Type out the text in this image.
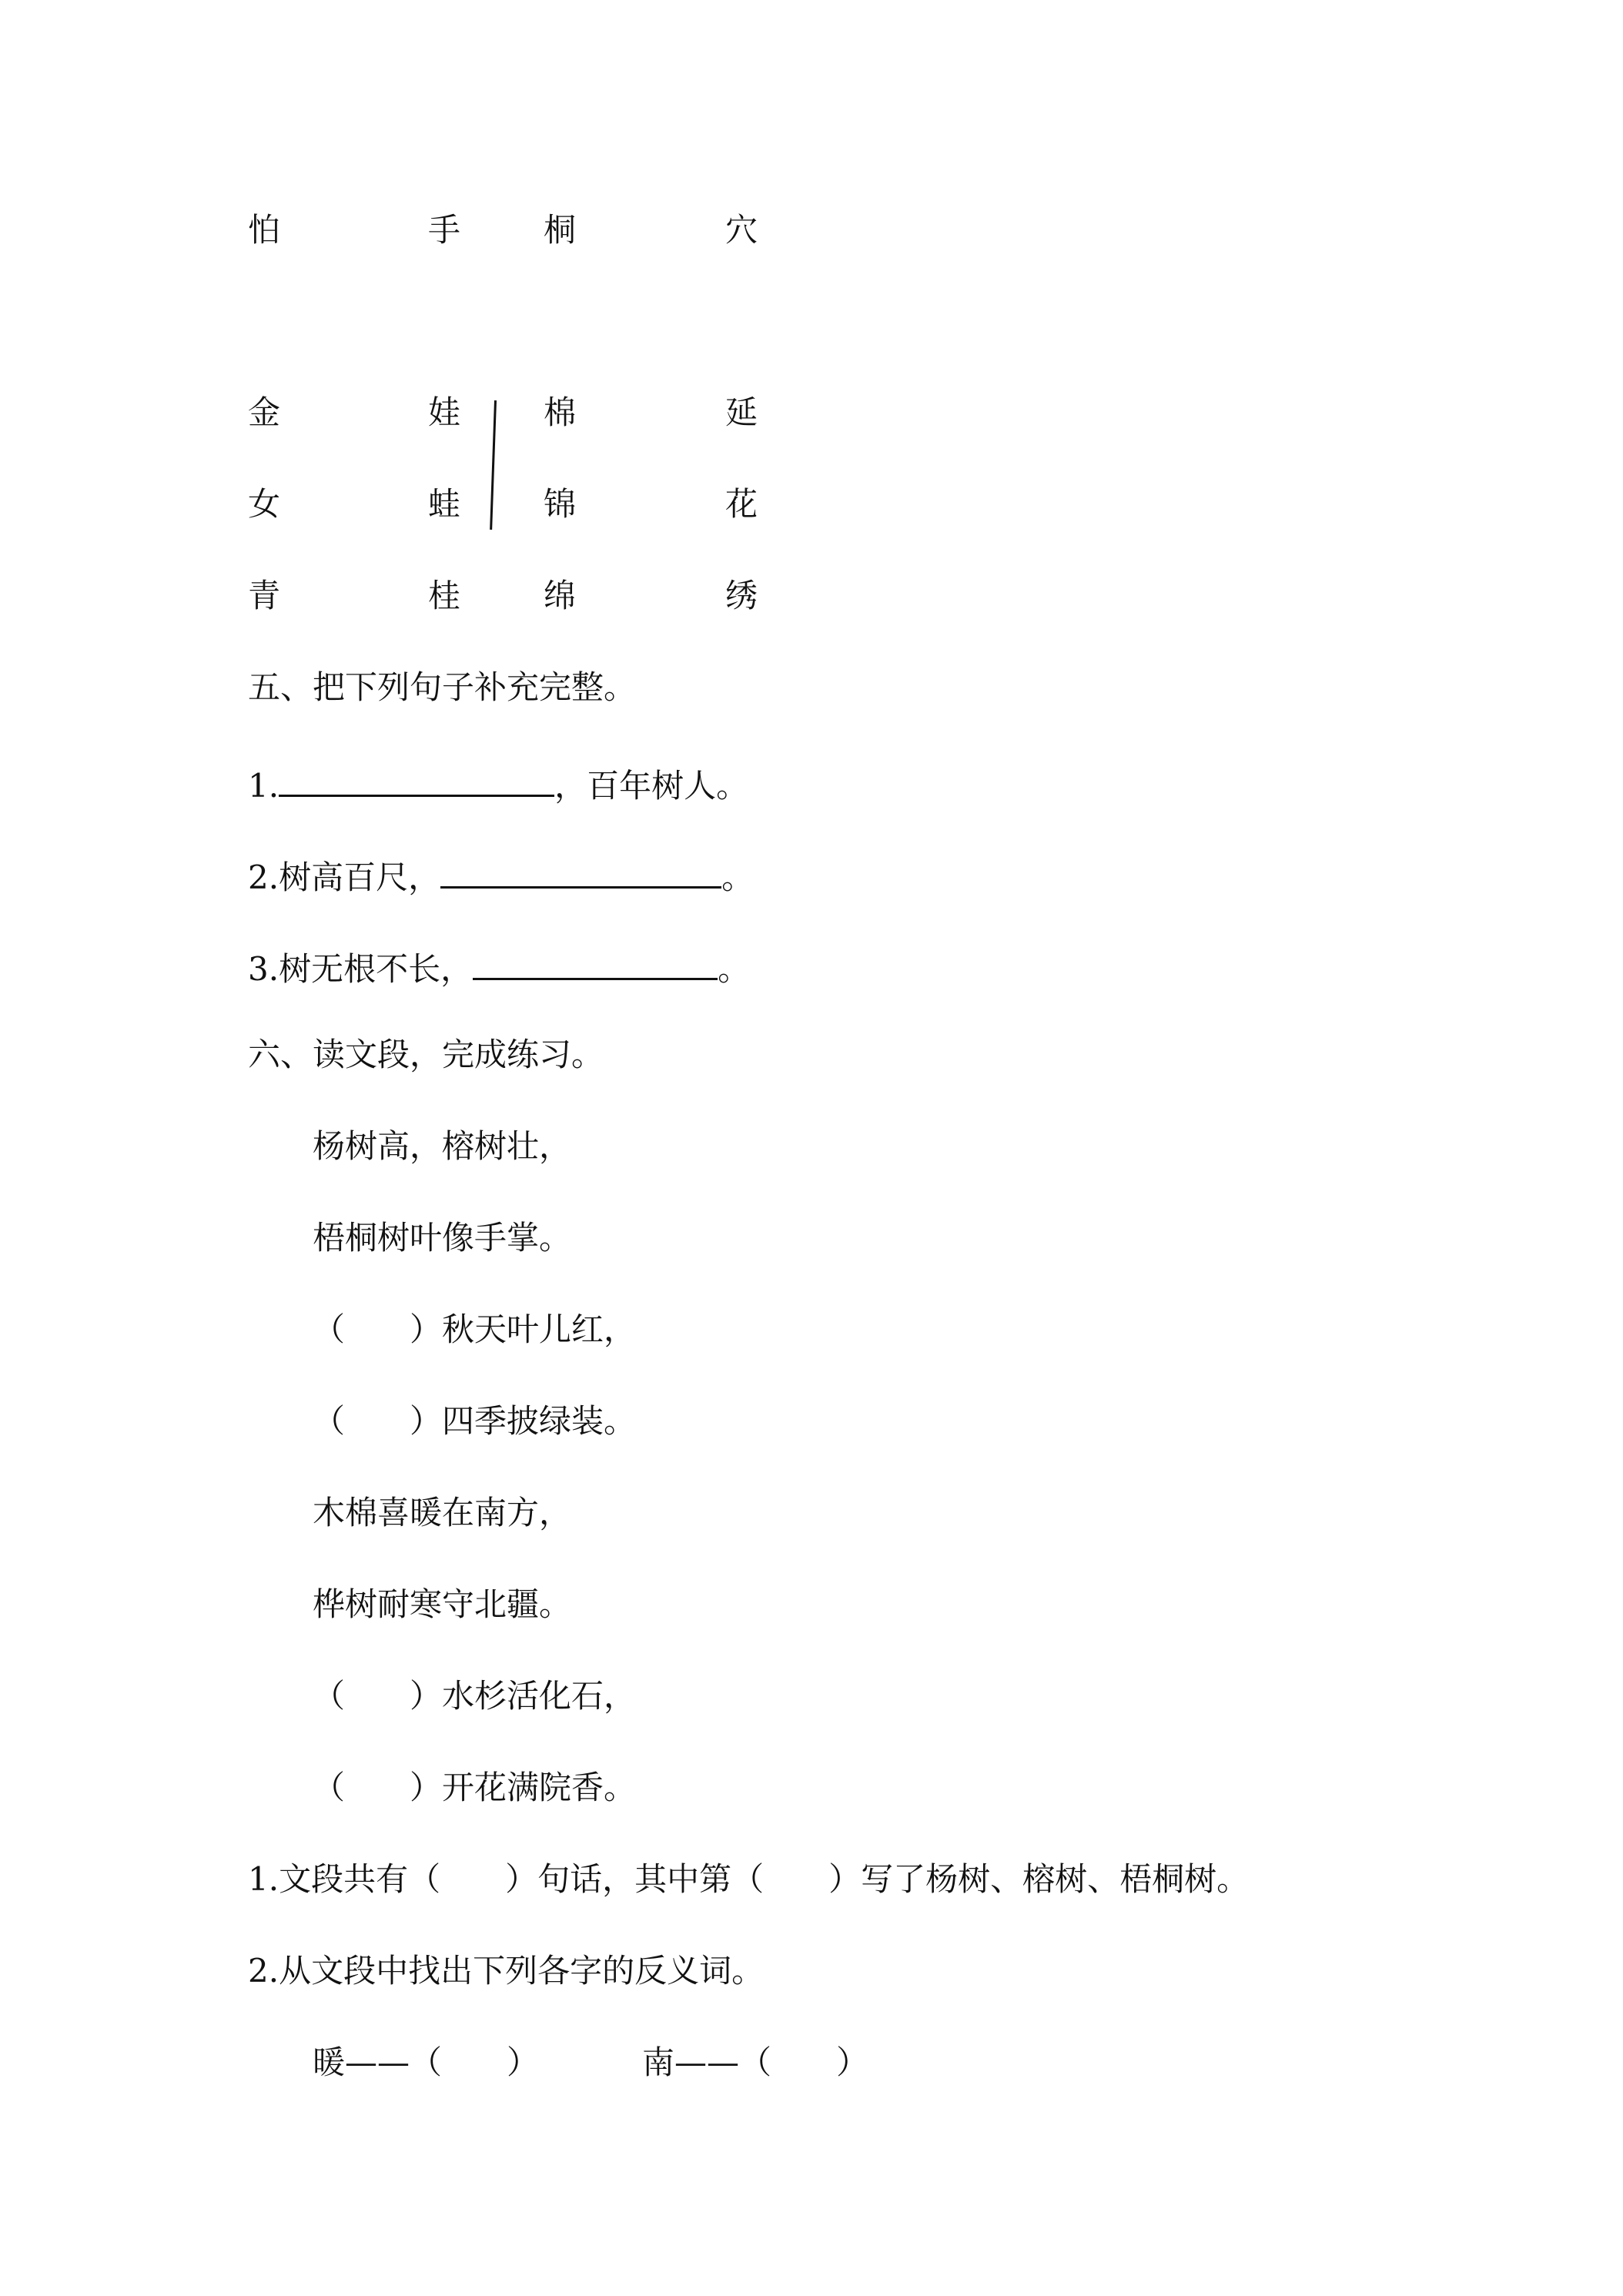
怕	手	桐	穴
金	娃	棉	延
女	蛙	锦	花
青	桂	绵	绣
五、把下列句子补充完整。
1.	，百年树人。
2.树高百尺，	。
3.树无根不长，	。
六、读文段，完成练习。
杨树高，榕树壮，
梧桐树叶像手掌。
（　　）秋天叶儿红，
（　　）四季披绿装。
木棉喜暖在南方，
桦树耐寒守北疆。
（　　）水杉活化石，
（　　）开花满院香。
1.文段共有（　　）句话，其中第（　　）写了杨树、榕树、梧桐树。
2.从文段中找出下列各字的反义词。
暖——（　　）	南——（　　）
